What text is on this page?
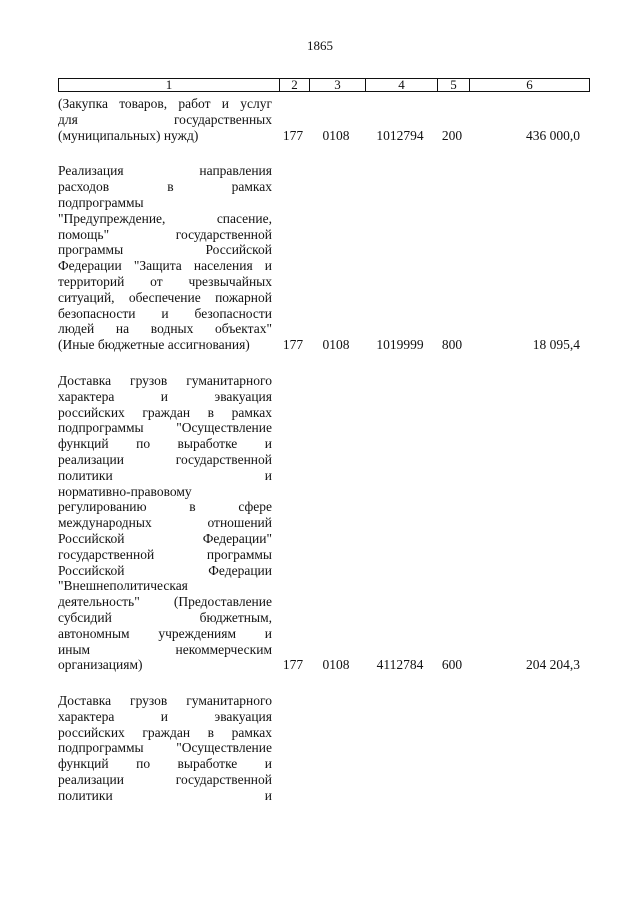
1865
1	2	3	4	5	6
(Закупка товаров, работ и услуг
для государственных
(муниципальных) нужд)	177	0108	1012794	200	436 000,0
Реализация направления
расходов в рамках
подпрограммы
"Предупреждение, спасение,
помощь" государственной
программы Российской
Федерации "Защита населения и
территорий от чрезвычайных
ситуаций, обеспечение пожарной
безопасности и безопасности
людей на водных объектах"
(Иные бюджетные ассигнования)	177	0108	1019999	800	18 095,4
Доставка грузов гуманитарного
характера и эвакуация
российских граждан в рамках
подпрограммы "Осуществление
функций по выработке и
реализации государственной
политики и
нормативно-правовому
регулированию в сфере
международных отношений
Российской Федерации"
государственной программы
Российской Федерации
"Внешнеполитическая
деятельность" (Предоставление
субсидий бюджетным,
автономным учреждениям и
иным некоммерческим
организациям)	177	0108	4112784	600	204 204,3
Доставка грузов гуманитарного
характера и эвакуация
российских граждан в рамках
подпрограммы "Осуществление
функций по выработке и
реализации государственной
политики и
